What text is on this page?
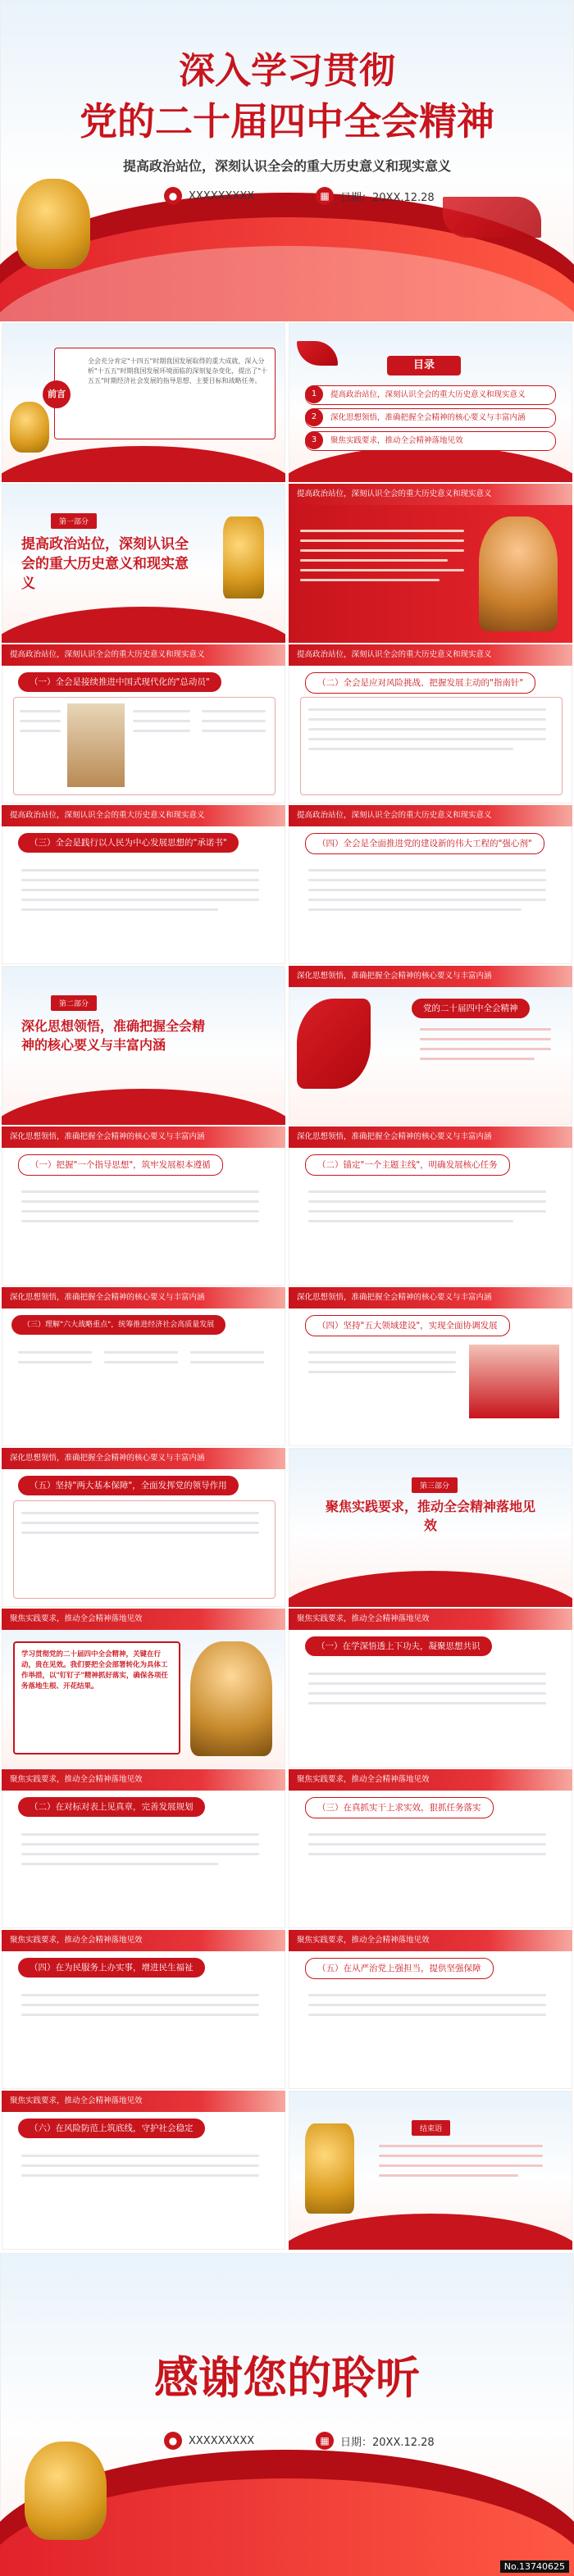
深入学习贯彻
党的二十届四中全会精神
提高政治站位，深刻认识全会的重大历史意义和现实意义
●	XXXXXXXXX	▦	日期：20XX.12.28
全会充分肯定"十四五"时期我国发展取得的重大成就，深入分析"十五五"时期我国发展环境面临的深刻复杂变化，提出了"十五五"时期经济社会发展的指导思想、主要目标和战略任务。
前言
目录
1	提高政治站位，深刻认识全会的重大历史意义和现实意义
2	深化思想领悟，准确把握全会精神的核心要义与丰富内涵
3	聚焦实践要求，推动全会精神落地见效
第一部分
提高政治站位，深刻认识全会的重大历史意义和现实意义
提高政治站位，深刻认识全会的重大历史意义和现实意义
提高政治站位，深刻认识全会的重大历史意义和现实意义
（一）全会是接续推进中国式现代化的"总动员"
提高政治站位，深刻认识全会的重大历史意义和现实意义
（二）全会是应对风险挑战、把握发展主动的"指南针"
提高政治站位，深刻认识全会的重大历史意义和现实意义
（三）全会是践行以人民为中心发展思想的"承诺书"
提高政治站位，深刻认识全会的重大历史意义和现实意义
（四）全会是全面推进党的建设新的伟大工程的"强心剂"
第二部分
深化思想领悟，准确把握全会精神的核心要义与丰富内涵
深化思想领悟，准确把握全会精神的核心要义与丰富内涵
党的二十届四中全会精神
深化思想领悟，准确把握全会精神的核心要义与丰富内涵
（一）把握"一个指导思想"，筑牢发展根本遵循
深化思想领悟，准确把握全会精神的核心要义与丰富内涵
（二）锚定"一个主题主线"，明确发展核心任务
深化思想领悟，准确把握全会精神的核心要义与丰富内涵
（三）理解"六大战略重点"，统筹推进经济社会高质量发展
深化思想领悟，准确把握全会精神的核心要义与丰富内涵
（四）坚持"五大领域建设"，实现全面协调发展
深化思想领悟，准确把握全会精神的核心要义与丰富内涵
（五）坚持"两大基本保障"，全面发挥党的领导作用	第三部分
聚焦实践要求，推动全会精神落地见效
聚焦实践要求，推动全会精神落地见效
学习贯彻党的二十届四中全会精神，关键在行动，贵在见效。我们要把全会部署转化为具体工作举措，以"钉钉子"精神抓好落实，确保各项任务落地生根、开花结果。
聚焦实践要求，推动全会精神落地见效
（一）在学深悟透上下功夫，凝聚思想共识
聚焦实践要求，推动全会精神落地见效
（二）在对标对表上见真章，完善发展规划
聚焦实践要求，推动全会精神落地见效
（三）在真抓实干上求实效，狠抓任务落实
聚焦实践要求，推动全会精神落地见效
（四）在为民服务上办实事，增进民生福祉
聚焦实践要求，推动全会精神落地见效
（五）在从严治党上强担当，提供坚强保障
聚焦实践要求，推动全会精神落地见效
（六）在风险防范上筑底线，守护社会稳定	结束语
感谢您的聆听
●	XXXXXXXXX	▦	日期：20XX.12.28
No.13740625
